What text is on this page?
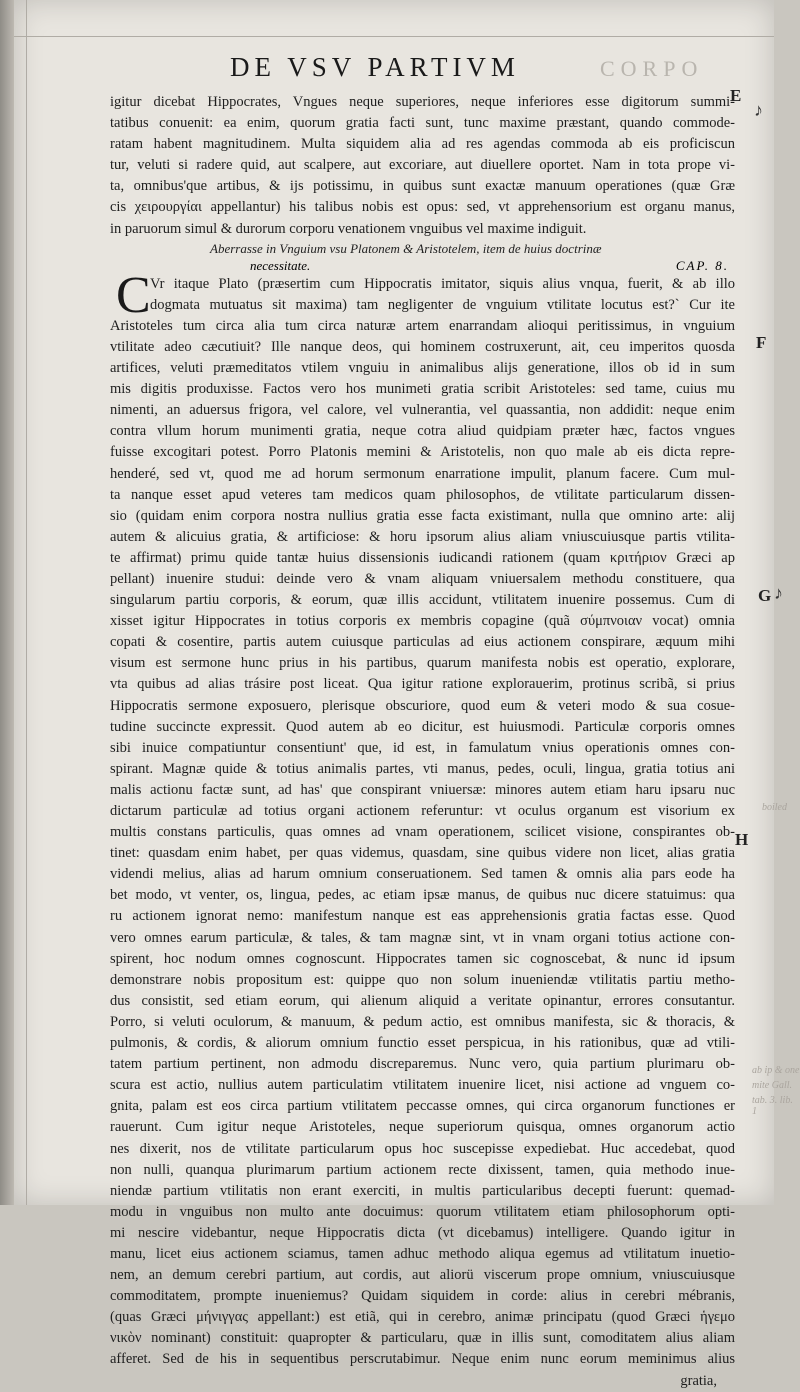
CORPO
DE VSV PARTIVM
E
F
G
H
♪
♪
boiled
ab ip & one
mite Gall.
tab. 3. lib. 1
igitur dicebat Hippocrates, Vngues neque superiores, neque inferiores esse digitorum summi-
tatibus conuenit: ea enim, quorum gratia facti sunt, tunc maxime præstant, quando commode-
ratam habent magnitudinem. Multa siquidem alia ad res agendas commoda ab eis proficiscun
tur, veluti si radere quid, aut scalpere, aut excoriare, aut diuellere oportet. Nam in tota prope vi-
ta, omnibus'que artibus, & ijs potissimu, in quibus sunt exactæ manuum operationes (quæ Græ
cis χειρουργίαι appellantur) his talibus nobis est opus: sed, vt apprehensorium est organu manus,
in paruorum simul & durorum corporu venationem vnguibus vel maxime indiguit.
Aberrasse in Vnguium vsu Platonem & Aristotelem, item de huius doctrinæ
necessitate.	CAP. 8.
C Vr itaque Plato (præsertim cum Hippocratis imitator, siquis alius vnqua, fuerit, & ab illo
dogmata mutuatus sit maxima) tam negligenter de vnguium vtilitate locutus est?` Cur ite
Aristoteles tum circa alia tum circa naturæ artem enarrandam alioqui peritissimus, in vnguium
vtilitate adeo cæcutiuit? Ille nanque deos, qui hominem costruxerunt, ait, ceu imperitos quosda
artifices, veluti præmeditatos vtilem vnguiu in animalibus alijs generatione, illos ob id in sum
mis digitis produxisse. Factos vero hos munimeti gratia scribit Aristoteles: sed tame, cuius mu
nimenti, an aduersus frigora, vel calore, vel vulnerantia, vel quassantia, non addidit: neque enim
contra vllum horum munimenti gratia, neque cotra aliud quidpiam præter hæc, factos vngues
fuisse excogitari potest. Porro Platonis memini & Aristotelis, non quo male ab eis dicta repre-
henderé, sed vt, quod me ad horum sermonum enarratione impulit, planum facere. Cum mul-
ta nanque esset apud veteres tam medicos quam philosophos, de vtilitate particularum dissen-
sio (quidam enim corpora nostra nullius gratia esse facta existimant, nulla que omnino arte: alij
autem & alicuius gratia, & artificiose: & horu ipsorum alius aliam vniuscuiusque partis vtilita-
te affirmat) primu quide tantæ huius dissensionis iudicandi rationem (quam κριτήριον Græci ap
pellant) inuenire studui: deinde vero & vnam aliquam vniuersalem methodu constituere, qua
singularum partiu corporis, & eorum, quæ illis accidunt, vtilitatem inuenire possemus. Cum di
xisset igitur Hippocrates in totius corporis ex membris copagine (quã σύμπνοιαν vocat) omnia
copati & cosentire, partis autem cuiusque particulas ad eius actionem conspirare, æquum mihi
visum est sermone hunc prius in his partibus, quarum manifesta nobis est operatio, explorare,
vta quibus ad alias trásire post liceat. Qua igitur ratione explorauerim, protinus scribã, si prius
Hippocratis sermone exposuero, plerisque obscuriore, quod eum & veteri modo & sua cosue-
tudine succincte expressit. Quod autem ab eo dicitur, est huiusmodi. Particulæ corporis omnes
sibi inuice compatiuntur consentiunt' que, id est, in famulatum vnius operationis omnes con-
spirant. Magnæ quide & totius animalis partes, vti manus, pedes, oculi, lingua, gratia totius ani
malis actionu factæ sunt, ad has' que conspirant vniuersæ: minores autem etiam haru ipsaru nuc
dictarum particulæ ad totius organi actionem referuntur: vt oculus organum est visorium ex
multis constans particulis, quas omnes ad vnam operationem, scilicet visione, conspirantes ob-
tinet: quasdam enim habet, per quas videmus, quasdam, sine quibus videre non licet, alias gratia
videndi melius, alias ad harum omnium conseruationem. Sed tamen & omnis alia pars eode ha
bet modo, vt venter, os, lingua, pedes, ac etiam ipsæ manus, de quibus nuc dicere statuimus: qua
ru actionem ignorat nemo: manifestum nanque est eas apprehensionis gratia factas esse. Quod
vero omnes earum particulæ, & tales, & tam magnæ sint, vt in vnam organi totius actione con-
spirent, hoc nodum omnes cognoscunt. Hippocrates tamen sic cognoscebat, & nunc id ipsum
demonstrare nobis propositum est: quippe quo non solum inueniendæ vtilitatis partiu metho-
dus consistit, sed etiam eorum, qui alienum aliquid a veritate opinantur, errores consutantur.
Porro, si veluti oculorum, & manuum, & pedum actio, est omnibus manifesta, sic & thoracis, &
pulmonis, & cordis, & aliorum omnium functio esset perspicua, in his rationibus, quæ ad vtili-
tatem partium pertinent, non admodu discreparemus. Nunc vero, quia partium plurimaru ob-
scura est actio, nullius autem particulatim vtilitatem inuenire licet, nisi actione ad vnguem co-
gnita, palam est eos circa partium vtilitatem peccasse omnes, qui circa organorum functiones er
rauerunt. Cum igitur neque Aristoteles, neque superiorum quisqua, omnes organorum actio
nes dixerit, nos de vtilitate particularum opus hoc suscepisse expediebat. Huc accedebat, quod
non nulli, quanqua plurimarum partium actionem recte dixissent, tamen, quia methodo inue-
niendæ partium vtilitatis non erant exerciti, in multis particularibus decepti fuerunt: quemad-
modu in vnguibus non multo ante docuimus: quorum vtilitatem etiam philosophorum opti-
mi nescire videbantur, neque Hippocratis dicta (vt dicebamus) intelligere. Quando igitur in
manu, licet eius actionem sciamus, tamen adhuc methodo aliqua egemus ad vtilitatum inuetio-
nem, an demum cerebri partium, aut cordis, aut aliorü viscerum prope omnium, vniuscuiusque
commoditatem, prompte inueniemus? Quidam siquidem in corde: alius in cerebri mébranis,
(quas Græci μήνιγγας appellant:) est etiã, qui in cerebro, animæ principatu (quod Græci ἡγεμο
νικὸν nominant) constituit: quapropter & particularu, quæ in illis sunt, comoditatem alius aliam
afferet. Sed de his in sequentibus perscrutabimur. Neque enim nunc eorum meminimus alius
gratia,
